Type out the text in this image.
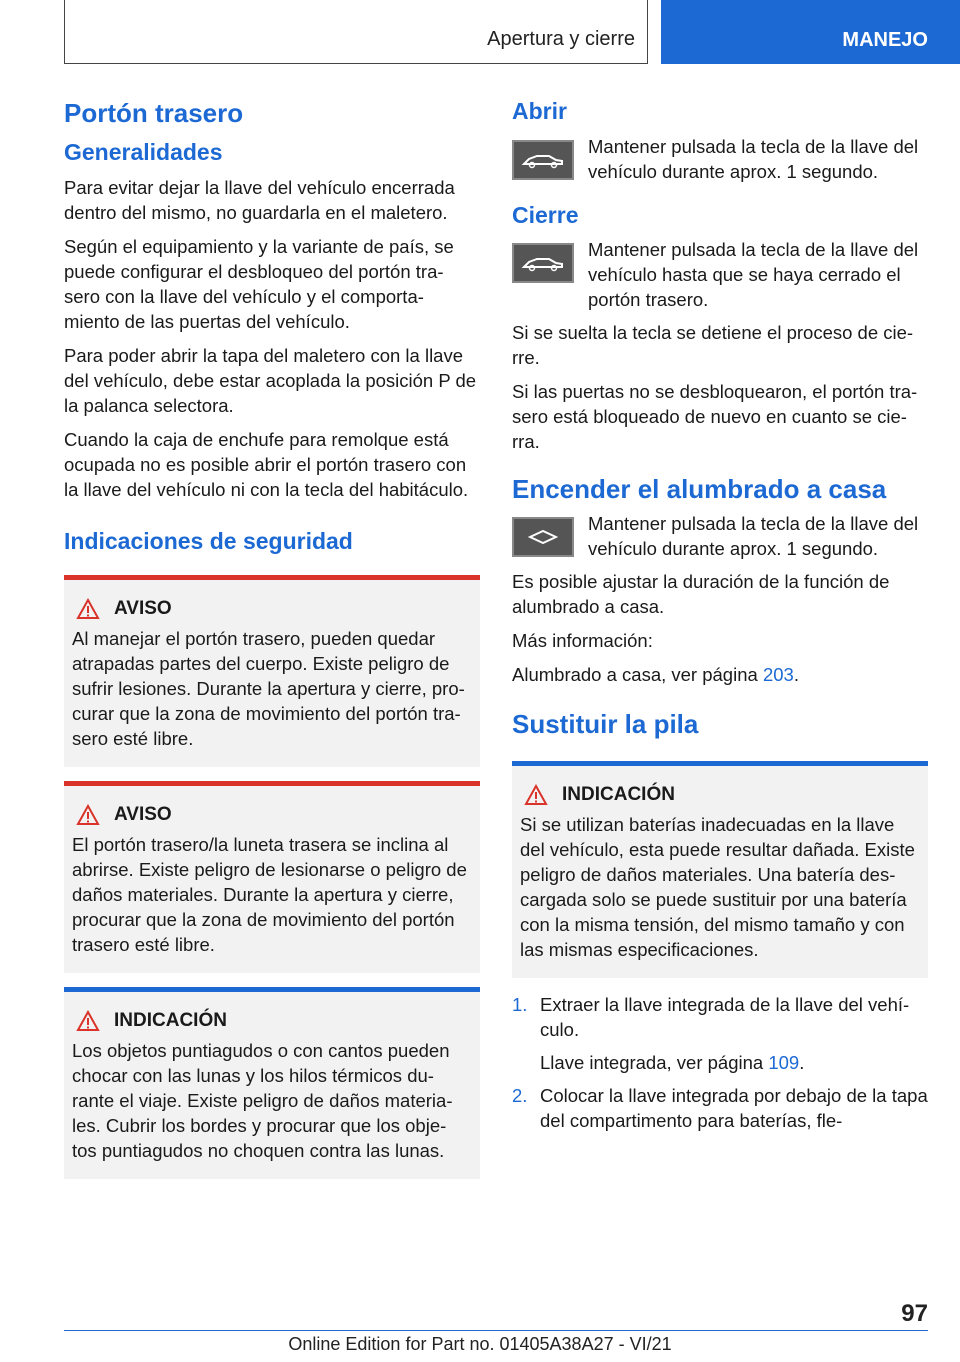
Apertura y cierre	MANEJO
Portón trasero
Generalidades

Para evitar dejar la llave del vehículo encerrada dentro del mismo, no guardarla en el maletero.

Según el equipamiento y la variante de país, se puede configurar el desbloqueo del portón tra- sero con la llave del vehículo y el comporta- miento de las puertas del vehículo.

Para poder abrir la tapa del maletero con la llave del vehículo, debe estar acoplada la posición P de la palanca selectora.

Cuando la caja de enchufe para remolque está ocupada no es posible abrir el portón trasero con la llave del vehículo ni con la tecla del habitáculo.

Indicaciones de seguridad
AVISO

Al manejar el portón trasero, pueden quedar atrapadas partes del cuerpo. Existe peligro de sufrir lesiones. Durante la apertura y cierre, pro- curar que la zona de movimiento del portón tra- sero esté libre.

AVISO

El portón trasero/la luneta trasera se inclina al abrirse. Existe peligro de lesionarse o peligro de daños materiales. Durante la apertura y cierre, procurar que la zona de movimiento del portón trasero esté libre.

INDICACIÓN

Los objetos puntiagudos o con cantos pueden chocar con las lunas y los hilos térmicos du- rante el viaje. Existe peligro de daños materia- les. Cubrir los bordes y procurar que los obje- tos puntiagudos no choquen contra las lunas.

Abrir
Mantener pulsada la tecla de la llave del vehículo durante aprox. 1 segundo.
Cierre
Mantener pulsada la tecla de la llave del vehículo hasta que se haya cerrado el portón trasero.

Si se suelta la tecla se detiene el proceso de cie- rre.

Si las puertas no se desbloquearon, el portón tra- sero está bloqueado de nuevo en cuanto se cie- rra.

Encender el alumbrado a casa
Mantener pulsada la tecla de la llave del vehículo durante aprox. 1 segundo.

Es posible ajustar la duración de la función de alumbrado a casa.

Más información:

Alumbrado a casa, ver página 203.

Sustituir la pila
INDICACIÓN

Si se utilizan baterías inadecuadas en la llave del vehículo, esta puede resultar dañada. Existe peligro de daños materiales. Una batería des- cargada solo se puede sustituir por una batería con la misma tensión, del mismo tamaño y con las mismas especificaciones.

1. Extraer la llave integrada de la llave del vehí- culo.
Llave integrada, ver página 109.
2. Colocar la llave integrada por debajo de la tapa del compartimento para baterías, fle-
97
Online Edition for Part no. 01405A38A27 - VI/21
